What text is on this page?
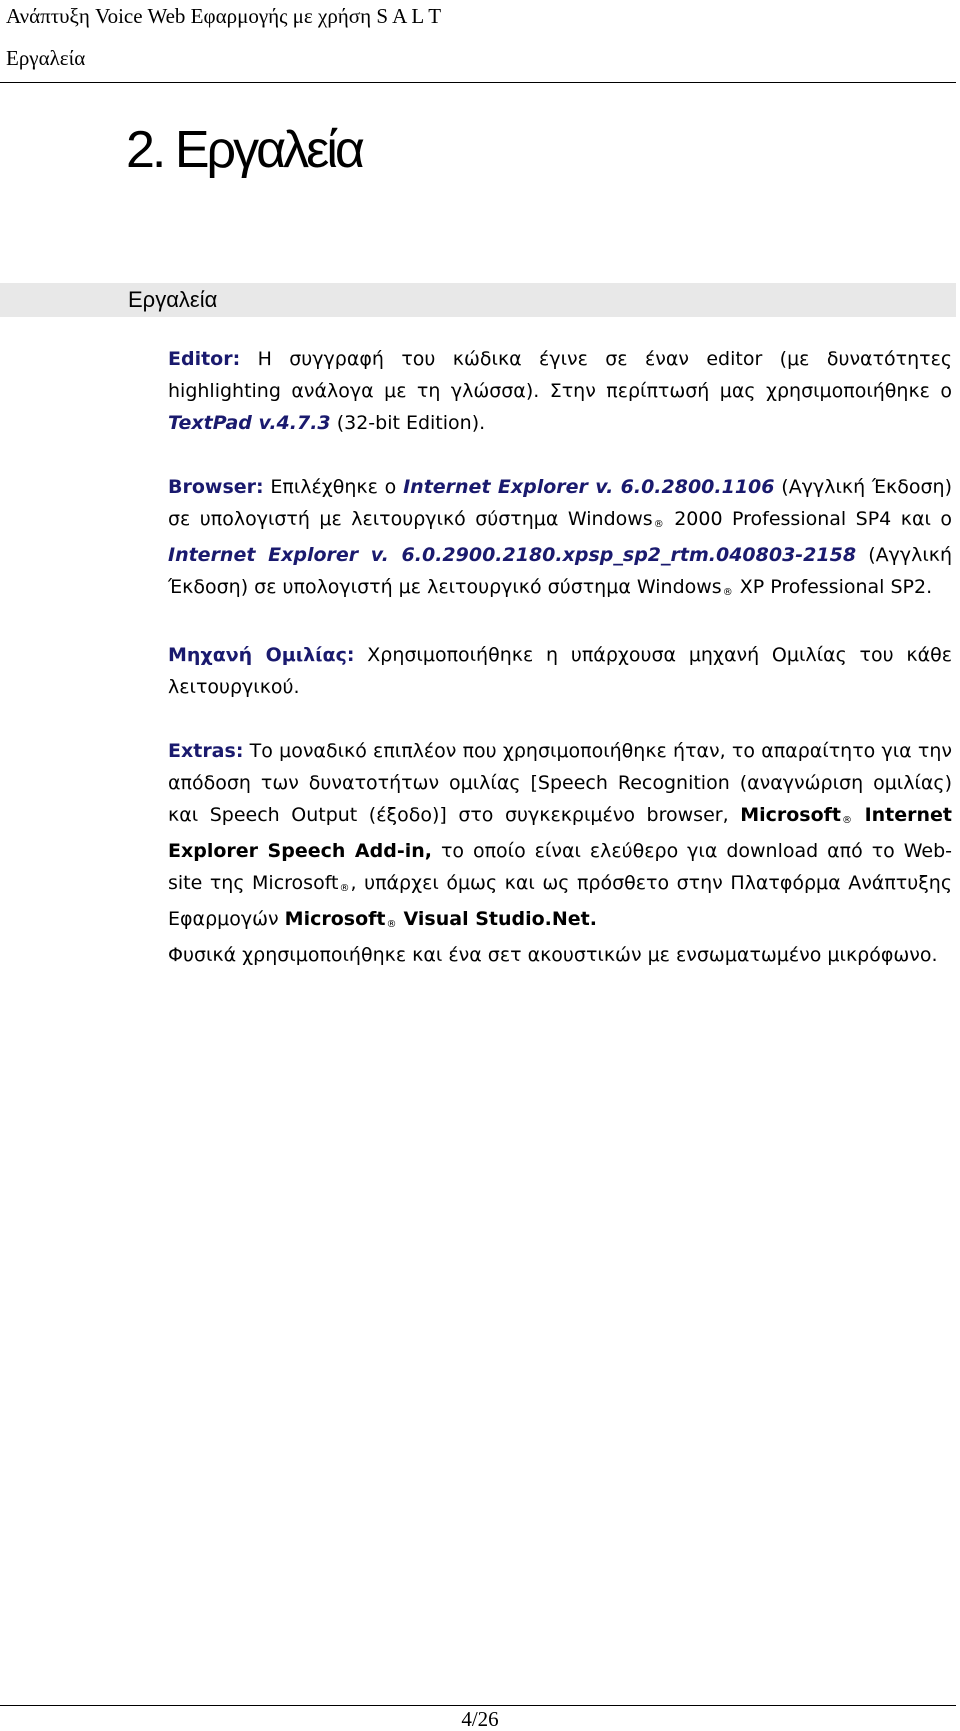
Ανάπτυξη Voice Web Εφαρμογής με χρήση S A L T
Εργαλεία
2. Εργαλεία
Εργαλεία

Editor: Η συγγραφή του κώδικα έγινε σε έναν editor (με δυνατότητες highlighting ανάλογα με τη γλώσσα). Στην περίπτωσή μας χρησιμοποιήθηκε ο TextPad v.4.7.3 (32-bit Edition).

Browser: Επιλέχθηκε ο Internet Explorer v. 6.0.2800.1106 (Αγγλική Έκδοση) σε υπολογιστή με λειτουργικό σύστημα Windows® 2000 Professional SP4 και ο Internet Explorer v. 6.0.2900.2180.xpsp_sp2_rtm.040803-2158 (Αγγλική Έκδοση) σε υπολογιστή με λειτουργικό σύστημα Windows® XP Professional SP2.

Μηχανή Ομιλίας: Χρησιμοποιήθηκε η υπάρχουσα μηχανή Ομιλίας του κάθε λειτουργικού.

Extras: Το μοναδικό επιπλέον που χρησιμοποιήθηκε ήταν, το απαραίτητο για την απόδοση των δυνατοτήτων ομιλίας [Speech Recognition (αναγνώριση ομιλίας) και Speech Output (έξοδο)] στο συγκεκριμένο browser, Microsoft® Internet Explorer Speech Add-in, το οποίο είναι ελεύθερο για download από το Web-site της Microsoft®, υπάρχει όμως και ως πρόσθετο στην Πλατφόρμα Ανάπτυξης Εφαρμογών Microsoft® Visual Studio.Net.

Φυσικά χρησιμοποιήθηκε και ένα σετ ακουστικών με ενσωματωμένο μικρόφωνο.

4/26
